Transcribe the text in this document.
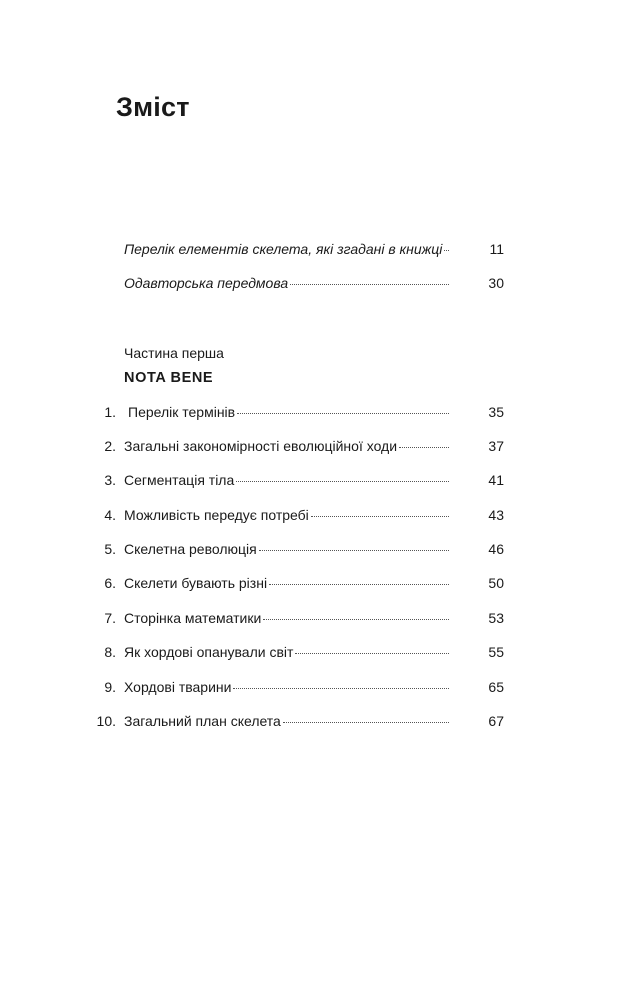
Зміст
Перелік елементів скелета, які згадані в книжці	11
Одавторська передмова	30
Частина перша
NOTA BENE
1. Перелік термінів	35
2. Загальні закономірності еволюційної ходи	37
3. Сегментація тіла	41
4. Можливість передує потребі	43
5. Скелетна революція	46
6. Скелети бувають різні	50
7. Сторінка математики	53
8. Як хордові опанували світ	55
9. Хордові тварини	65
10. Загальний план скелета	67
